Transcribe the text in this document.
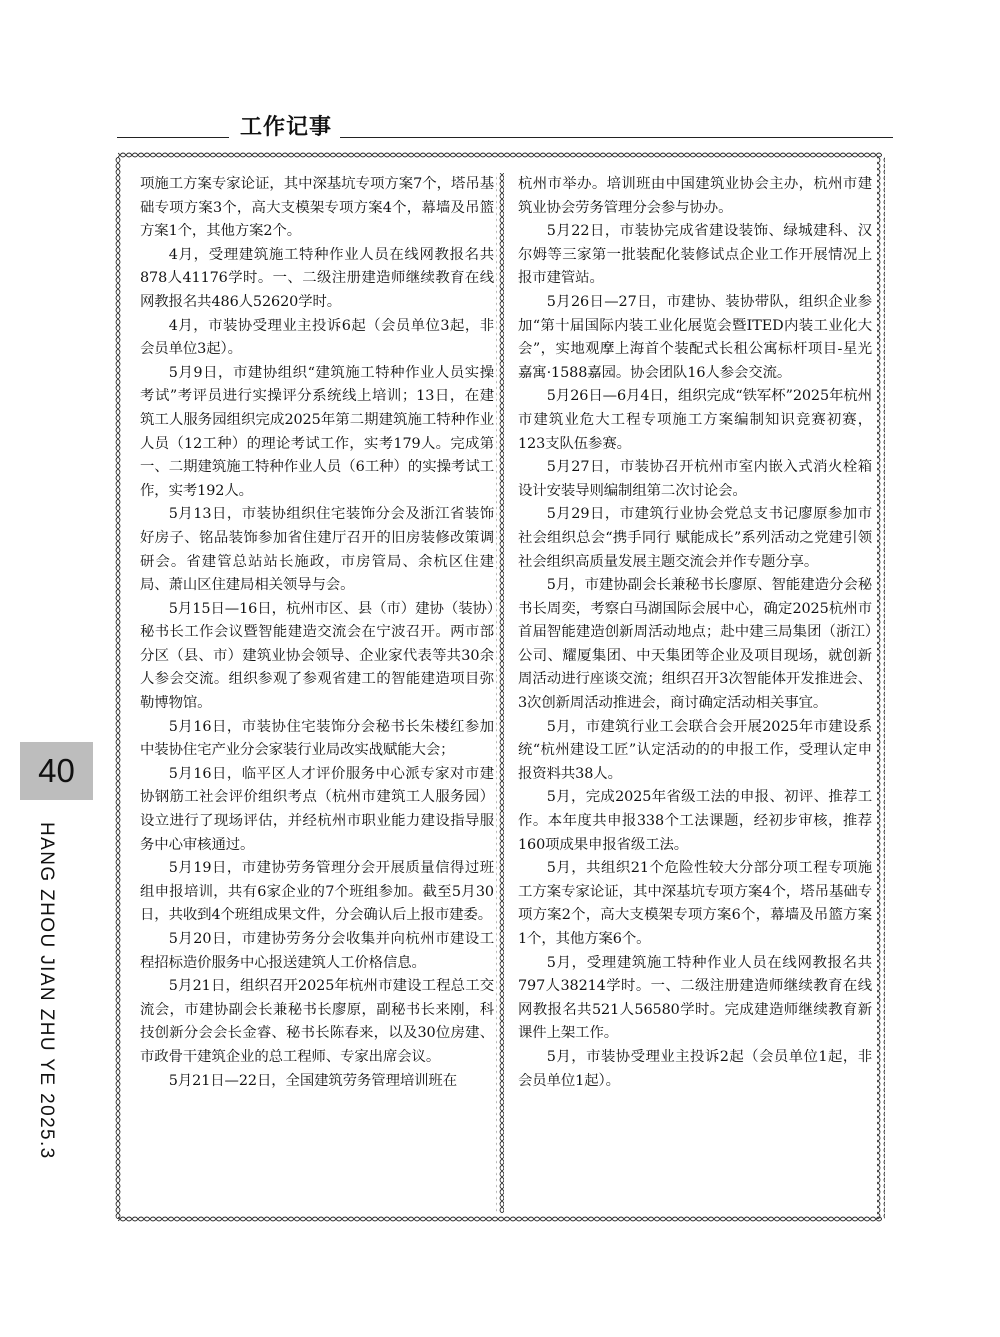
工作记事

项施工方案专家论证，其中深基坑专项方案7个，塔吊基础专项方案3个，高大支模架专项方案4个，幕墙及吊篮方案1个，其他方案2个。

4月，受理建筑施工特种作业人员在线网教报名共878人41176学时。一、二级注册建造师继续教育在线网教报名共486人52620学时。

4月，市装协受理业主投诉6起（会员单位3起，非会员单位3起）。

5月9日，市建协组织“建筑施工特种作业人员实操考试”考评员进行实操评分系统线上培训；13日，在建筑工人服务园组织完成2025年第二期建筑施工特种作业人员（12工种）的理论考试工作，实考179人。完成第一、二期建筑施工特种作业人员（6工种）的实操考试工作，实考192人。

5月13日，市装协组织住宅装饰分会及浙江省装饰好房子、铭品装饰参加省住建厅召开的旧房装修改策调研会。省建管总站站长施政，市房管局、余杭区住建局、萧山区住建局相关领导与会。

5月15日—16日，杭州市区、县（市）建协（装协）秘书长工作会议暨智能建造交流会在宁波召开。两市部分区（县、市）建筑业协会领导、企业家代表等共30余人参会交流。组织参观了参观省建工的智能建造项目弥勒博物馆。

5月16日，市装协住宅装饰分会秘书长朱楼红参加中装协住宅产业分会家装行业局改实战赋能大会；

5月16日，临平区人才评价服务中心派专家对市建协钢筋工社会评价组织考点（杭州市建筑工人服务园）设立进行了现场评估，并经杭州市职业能力建设指导服务中心审核通过。

5月19日，市建协劳务管理分会开展质量信得过班组申报培训，共有6家企业的7个班组参加。截至5月30日，共收到4个班组成果文件，分会确认后上报市建委。

5月20日，市建协劳务分会收集并向杭州市建设工程招标造价服务中心报送建筑人工价格信息。

5月21日，组织召开2025年杭州市建设工程总工交流会，市建协副会长兼秘书长廖原，副秘书长来刚，科技创新分会会长金睿、秘书长陈春来，以及30位房建、市政骨干建筑企业的总工程师、专家出席会议。

5月21日—22日，全国建筑劳务管理培训班在

杭州市举办。培训班由中国建筑业协会主办，杭州市建筑业协会劳务管理分会参与协办。

5月22日，市装协完成省建设装饰、绿城建科、汉尔姆等三家第一批装配化装修试点企业工作开展情况上报市建管站。

5月26日—27日，市建协、装协带队，组织企业参加“第十届国际内装工业化展览会暨ITED内装工业化大会”，实地观摩上海首个装配式长租公寓标杆项目-星光嘉寓·1588嘉园。协会团队16人参会交流。

5月26日—6月4日，组织完成“铁军杯”2025年杭州市建筑业危大工程专项施工方案编制知识竞赛初赛，123支队伍参赛。

5月27日，市装协召开杭州市室内嵌入式消火栓箱设计安装导则编制组第二次讨论会。

5月29日，市建筑行业协会党总支书记廖原参加市社会组织总会“携手同行 赋能成长”系列活动之党建引领社会组织高质量发展主题交流会并作专题分享。

5月，市建协副会长兼秘书长廖原、智能建造分会秘书长周奕，考察白马湖国际会展中心，确定2025杭州市首届智能建造创新周活动地点；赴中建三局集团（浙江）公司、耀厦集团、中天集团等企业及项目现场，就创新周活动进行座谈交流；组织召开3次智能体开发推进会、3次创新周活动推进会，商讨确定活动相关事宜。

5月，市建筑行业工会联合会开展2025年市建设系统“杭州建设工匠”认定活动的的申报工作，受理认定申报资料共38人。

5月，完成2025年省级工法的申报、初评、推荐工作。本年度共申报338个工法课题，经初步审核，推荐160项成果申报省级工法。

5月，共组织21个危险性较大分部分项工程专项施工方案专家论证，其中深基坑专项方案4个，塔吊基础专项方案2个，高大支模架专项方案6个，幕墙及吊篮方案1个，其他方案6个。

5月，受理建筑施工特种作业人员在线网教报名共797人38214学时。一、二级注册建造师继续教育在线网教报名共521人56580学时。完成建造师继续教育新课件上架工作。

5月，市装协受理业主投诉2起（会员单位1起，非会员单位1起）。

40
HANG ZHOU JIAN ZHU YE 2025.3
